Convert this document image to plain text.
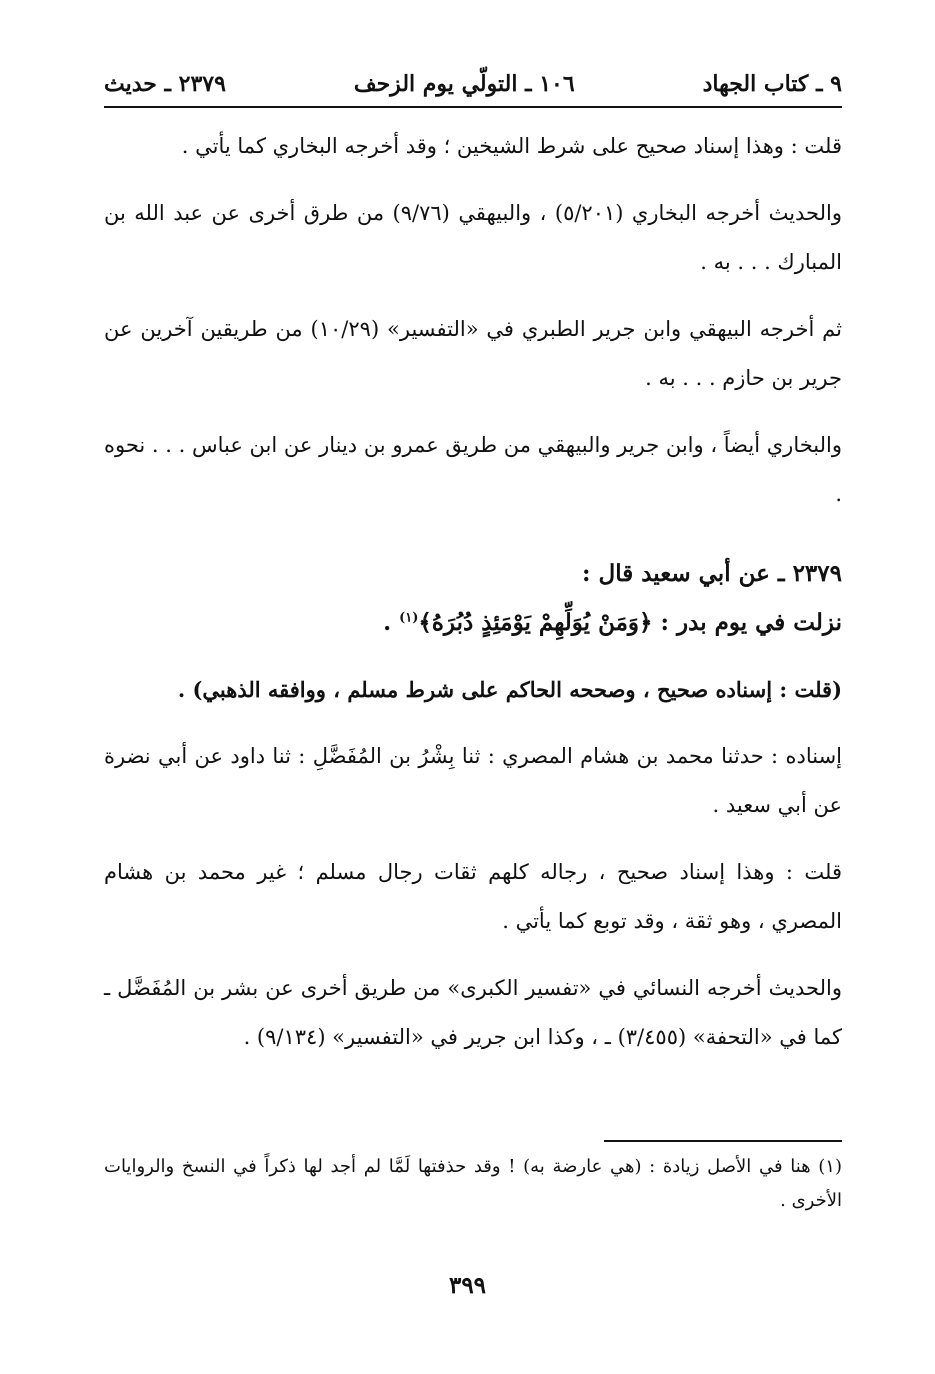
٩ ـ كتاب الجهاد
١٠٦ ـ التولّي يوم الزحف
٢٣٧٩ ـ حديث

قلت : وهذا إسناد صحيح على شرط الشيخين ؛ وقد أخرجه البخاري كما يأتي .

والحديث أخرجه البخاري (٥/٢٠١) ، والبيهقي (٩/٧٦) من طرق أخرى عن عبد الله بن المبارك . . . به .

ثم أخرجه البيهقي وابن جرير الطبري في «التفسير» (١٠/٢٩) من طريقين آخرين عن جرير بن حازم . . . به .

والبخاري أيضاً ، وابن جرير والبيهقي من طريق عمرو بن دينار عن ابن عباس . . . نحوه .

٢٣٧٩ ـ عن أبي سعيد قال :

نزلت في يوم بدر : ﴿وَمَنْ يُوَلِّهِمْ يَوْمَئِذٍ دُبُرَهُ﴾$^{(١)}$ .

(قلت : إسناده صحيح ، وصححه الحاكم على شرط مسلم ، ووافقه الذهبي) .

إسناده : حدثنا محمد بن هشام المصري : ثنا بِشْرُ بن المُفَضَّلِ : ثنا داود عن أبي نضرة عن أبي سعيد .

قلت : وهذا إسناد صحيح ، رجاله كلهم ثقات رجال مسلم ؛ غير محمد بن هشام المصري ، وهو ثقة ، وقد توبع كما يأتي .

والحديث أخرجه النسائي في «تفسير الكبرى» من طريق أخرى عن بشر بن المُفَضَّل ـ كما في «التحفة» (٣/٤٥٥) ـ ، وكذا ابن جرير في «التفسير» (٩/١٣٤) .

(١) هنا في الأصل زيادة : (هي عارضة به) ! وقد حذفتها لَمَّا لم أجد لها ذكراً في النسخ والروايات الأخرى .
٣٩٩
